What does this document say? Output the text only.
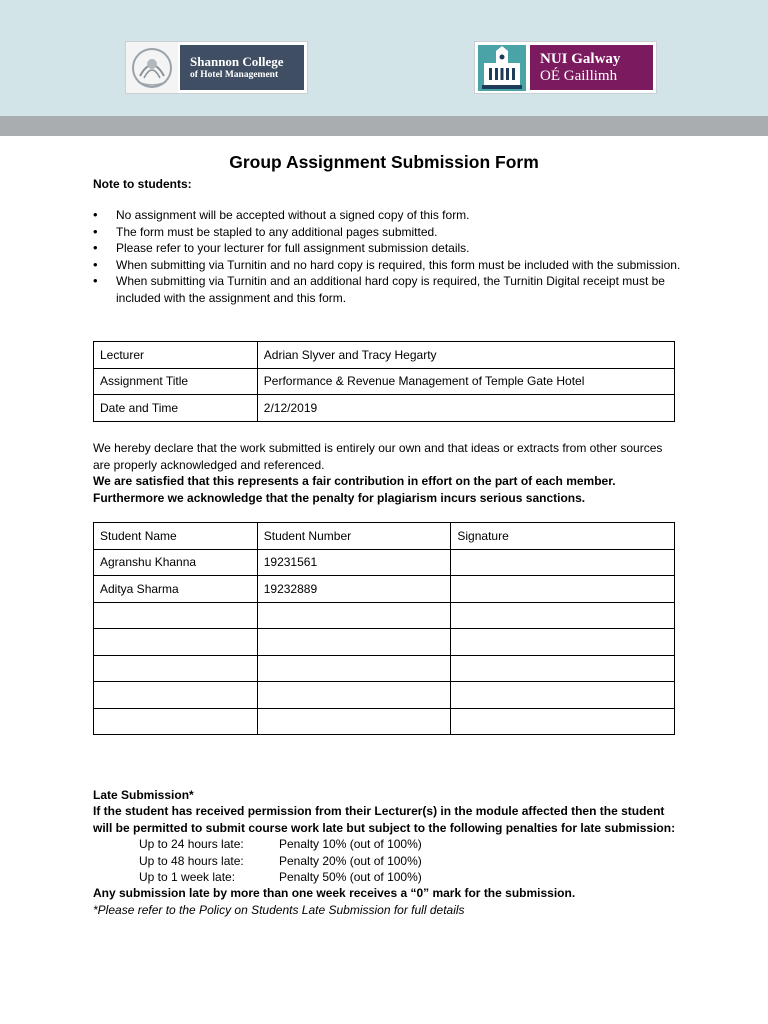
Shannon College
of Hotel Management
NUI Galway
OÉ Gaillimh
Group Assignment Submission Form
Note to students:
• No assignment will be accepted without a signed copy of this form.
• The form must be stapled to any additional pages submitted.
• Please refer to your lecturer for full assignment submission details.
• When submitting via Turnitin and no hard copy is required, this form must be included with the submission.
• When submitting via Turnitin and an additional hard copy is required, the Turnitin Digital receipt must be included with the assignment and this form.
Lecturer	Adrian Slyver and Tracy Hegarty
Assignment Title	Performance & Revenue Management of Temple Gate Hotel
Date and Time	2/12/2019
We hereby declare that the work submitted is entirely our own and that ideas or extracts from other sources are properly acknowledged and referenced.
We are satisfied that this represents a fair contribution in effort on the part of each member.
Furthermore we acknowledge that the penalty for plagiarism incurs serious sanctions.
Student Name	Student Number	Signature
Agranshu Khanna	19231561	
Aditya Sharma	19232889	

Late Submission*
If the student has received permission from their Lecturer(s) in the module affected then the student will be permitted to submit course work late but subject to the following penalties for late submission:
Up to 24 hours late:	Penalty 10% (out of 100%)
Up to 48 hours late:	Penalty 20% (out of 100%)
Up to 1 week late:	Penalty 50% (out of 100%)
Any submission late by more than one week receives a “0” mark for the submission.
*Please refer to the Policy on Students Late Submission for full details
